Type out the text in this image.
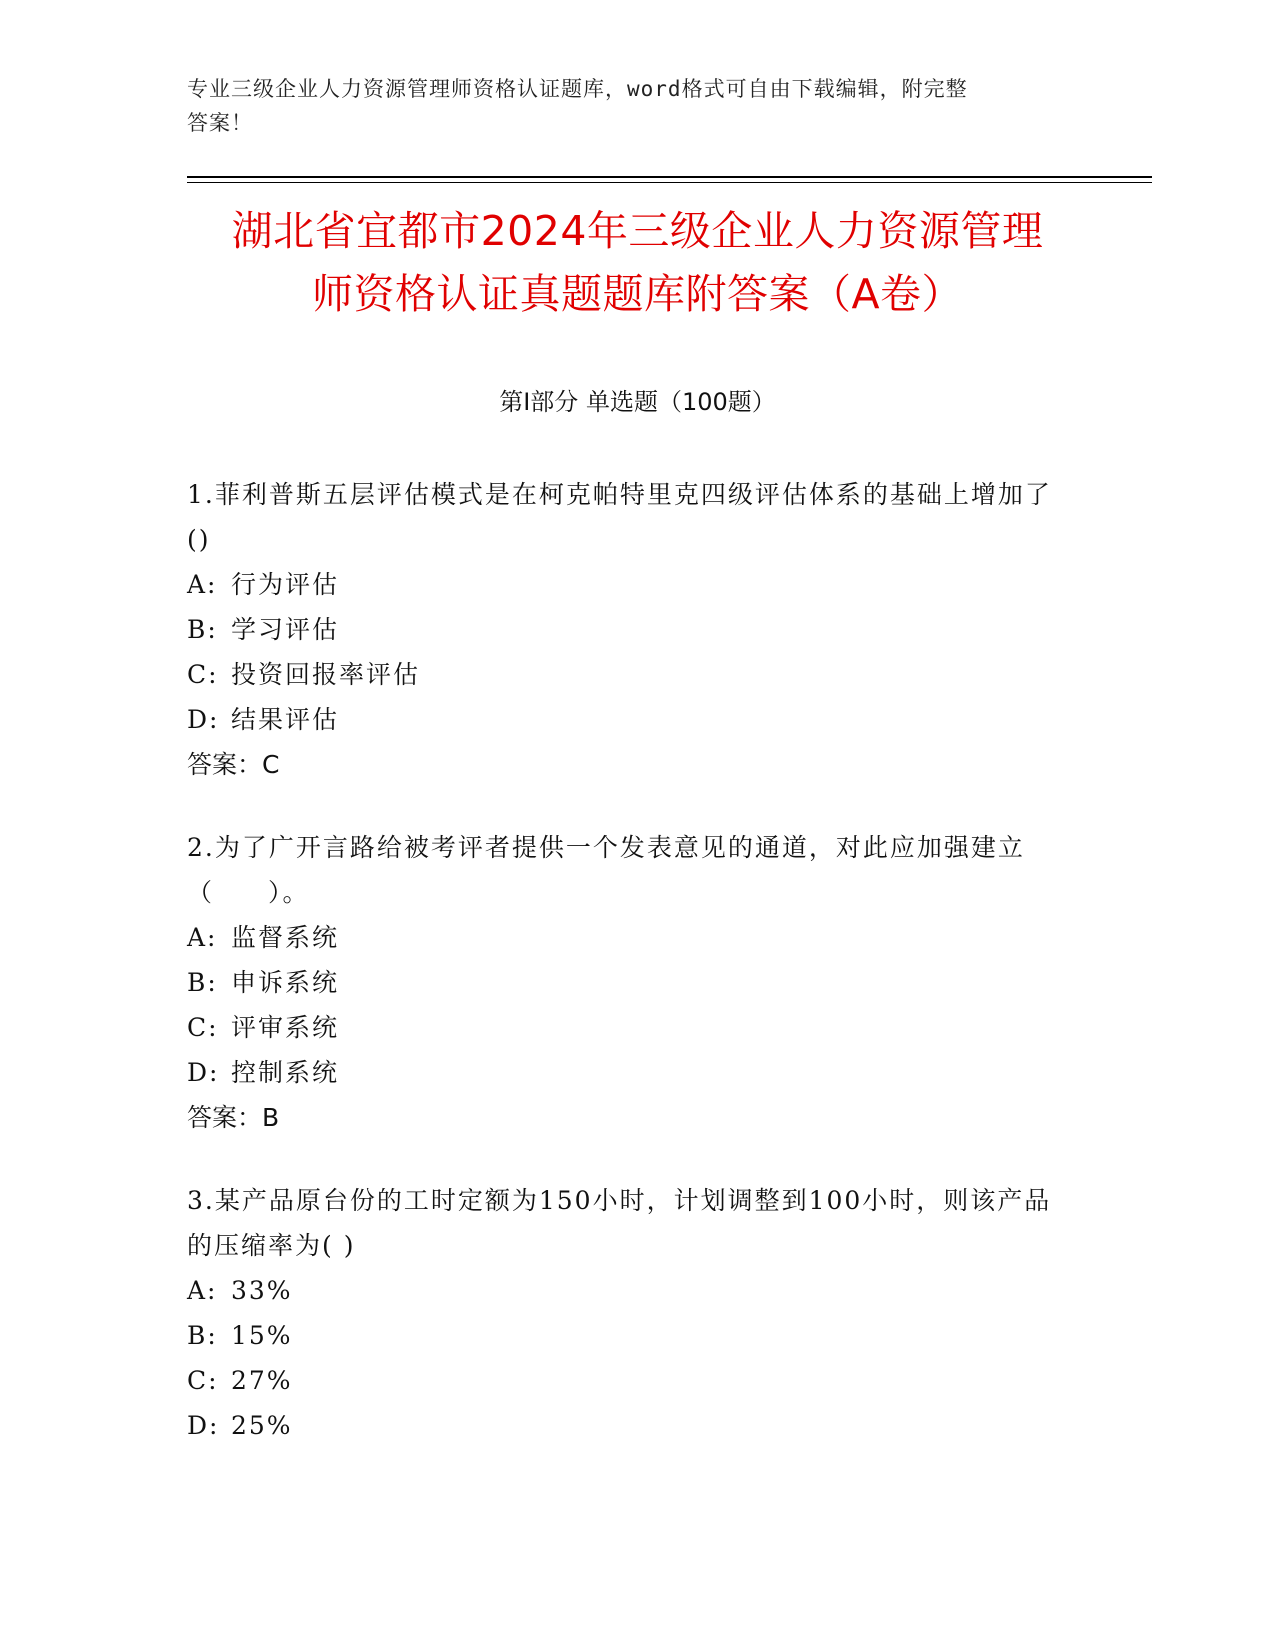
专业三级企业人力资源管理师资格认证题库，word格式可自由下载编辑，附完整
答案！
湖北省宜都市2024年三级企业人力资源管理
师资格认证真题题库附答案（A卷）
第Ⅰ部分 单选题（100题）
1.菲利普斯五层评估模式是在柯克帕特里克四级评估体系的基础上增加了()
A: 行为评估
B: 学习评估
C: 投资回报率评估
D: 结果评估
答案：C
2.为了广开言路给被考评者提供一个发表意见的通道，对此应加强建立（　　）。
A: 监督系统
B: 申诉系统
C: 评审系统
D: 控制系统
答案：B
3.某产品原台份的工时定额为150小时，计划调整到100小时，则该产品的压缩率为( )
A: 33%
B: 15%
C: 27%
D: 25%
